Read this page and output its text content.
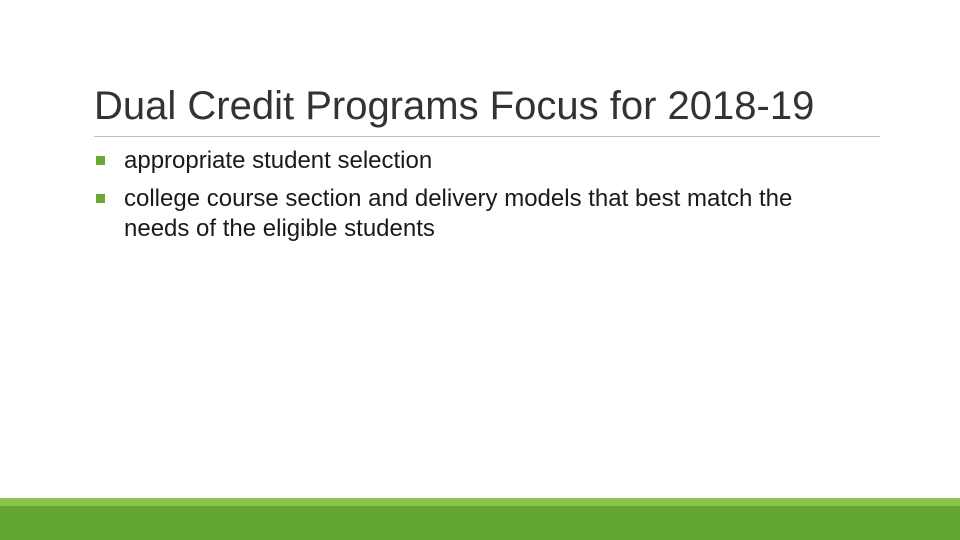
Dual Credit Programs Focus for 2018-19
appropriate student selection
college course section and delivery models that best match the needs of the eligible students
